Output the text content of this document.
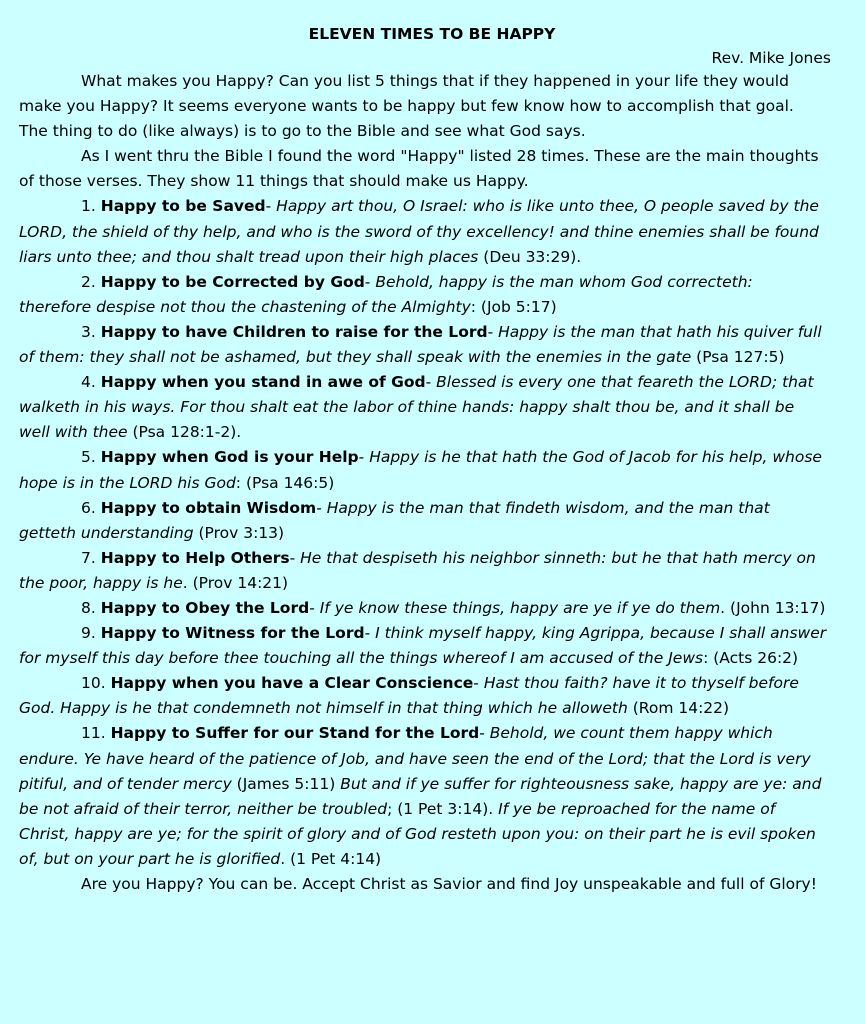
ELEVEN TIMES TO BE HAPPY
Rev. Mike Jones

What makes you Happy? Can you list 5 things that if they happened in your life they would make you Happy? It seems everyone wants to be happy but few know how to accomplish that goal. The thing to do (like always) is to go to the Bible and see what God says.

As I went thru the Bible I found the word "Happy" listed 28 times. These are the main thoughts of those verses. They show 11 things that should make us Happy.

1. Happy to be Saved- Happy art thou, O Israel: who is like unto thee, O people saved by the LORD, the shield of thy help, and who is the sword of thy excellency! and thine enemies shall be found liars unto thee; and thou shalt tread upon their high places (Deu 33:29).

2. Happy to be Corrected by God- Behold, happy is the man whom God correcteth: therefore despise not thou the chastening of the Almighty: (Job 5:17)

3. Happy to have Children to raise for the Lord- Happy is the man that hath his quiver full of them: they shall not be ashamed, but they shall speak with the enemies in the gate (Psa 127:5)

4. Happy when you stand in awe of God- Blessed is every one that feareth the LORD; that walketh in his ways. For thou shalt eat the labor of thine hands: happy shalt thou be, and it shall be well with thee (Psa 128:1-2).

5. Happy when God is your Help- Happy is he that hath the God of Jacob for his help, whose hope is in the LORD his God: (Psa 146:5)

6. Happy to obtain Wisdom- Happy is the man that findeth wisdom, and the man that getteth understanding (Prov 3:13)

7. Happy to Help Others- He that despiseth his neighbor sinneth: but he that hath mercy on the poor, happy is he. (Prov 14:21)

8. Happy to Obey the Lord- If ye know these things, happy are ye if ye do them. (John 13:17)

9. Happy to Witness for the Lord- I think myself happy, king Agrippa, because I shall answer for myself this day before thee touching all the things whereof I am accused of the Jews: (Acts 26:2)

10. Happy when you have a Clear Conscience- Hast thou faith? have it to thyself before God. Happy is he that condemneth not himself in that thing which he alloweth (Rom 14:22)

11. Happy to Suffer for our Stand for the Lord- Behold, we count them happy which endure. Ye have heard of the patience of Job, and have seen the end of the Lord; that the Lord is very pitiful, and of tender mercy (James 5:11) But and if ye suffer for righteousness sake, happy are ye: and be not afraid of their terror, neither be troubled; (1 Pet 3:14). If ye be reproached for the name of Christ, happy are ye; for the spirit of glory and of God resteth upon you: on their part he is evil spoken of, but on your part he is glorified. (1 Pet 4:14)

Are you Happy? You can be. Accept Christ as Savior and find Joy unspeakable and full of Glory!
